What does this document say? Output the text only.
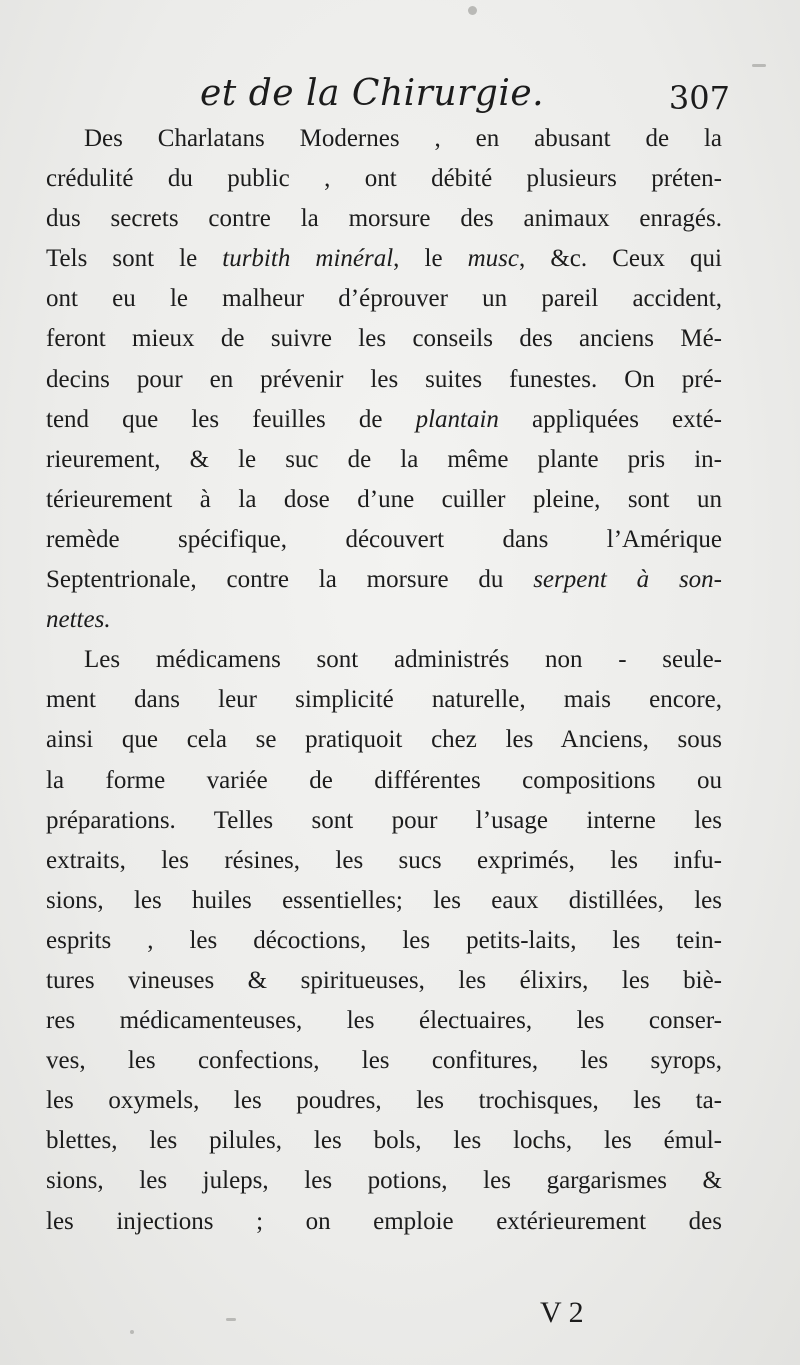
et de la Chirurgie.	307
Des Charlatans Modernes , en abusant de la
crédulité du public , ont débité plusieurs préten-
dus secrets contre la morsure des animaux enragés.
Tels sont le turbith minéral, le musc, &c. Ceux qui
ont eu le malheur d’éprouver un pareil accident,
feront mieux de suivre les conseils des anciens Mé-
decins pour en prévenir les suites funestes. On pré-
tend que les feuilles de plantain appliquées exté-
rieurement, & le suc de la même plante pris in-
térieurement à la dose d’une cuiller pleine, sont un
remède spécifique, découvert dans l’Amérique
Septentrionale, contre la morsure du serpent à son-
nettes.
Les médicamens sont administrés non - seule-
ment dans leur simplicité naturelle, mais encore,
ainsi que cela se pratiquoit chez les Anciens, sous
la forme variée de différentes compositions ou
préparations. Telles sont pour l’usage interne les
extraits, les résines, les sucs exprimés, les infu-
sions, les huiles essentielles; les eaux distillées, les
esprits , les décoctions, les petits-laits, les tein-
tures vineuses & spiritueuses, les élixirs, les biè-
res médicamenteuses, les électuaires, les conser-
ves, les confections, les confitures, les syrops,
les oxymels, les poudres, les trochisques, les ta-
blettes, les pilules, les bols, les lochs, les émul-
sions, les juleps, les potions, les gargarismes &
les injections ; on emploie extérieurement des
V 2
